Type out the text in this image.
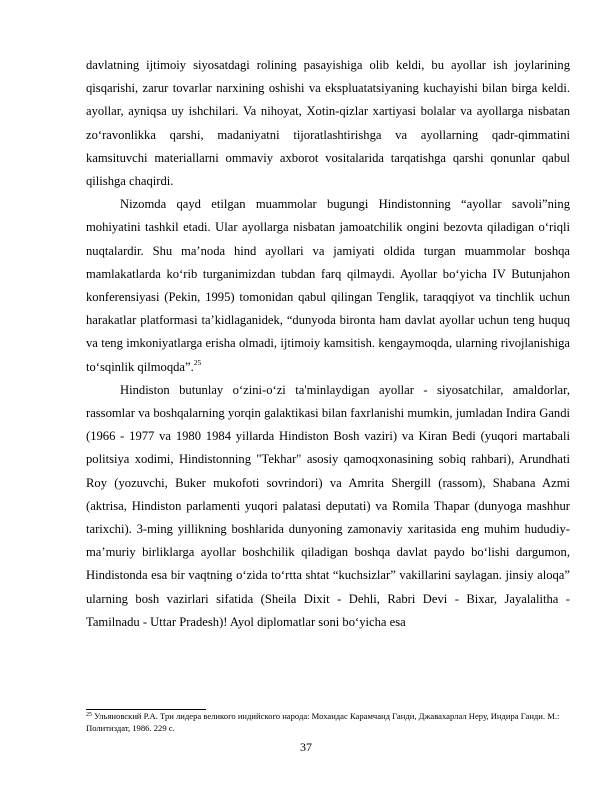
davlatning ijtimoiy siyosatdagi rolining pasayishiga olib keldi, bu ayollar ish joylarining qisqarishi, zarur tovarlar narxining oshishi va ekspluatatsiyaning kuchayishi bilan birga keldi. ayollar, ayniqsa uy ishchilari. Va nihoyat, Xotin-qizlar xartiyasi bolalar va ayollarga nisbatan zo‘ravonlikka qarshi, madaniyatni tijoratlashtirishga va ayollarning qadr-qimmatini kamsituvchi materiallarni ommaviy axborot vositalarida tarqatishga qarshi qonunlar qabul qilishga chaqirdi.

Nizomda qayd etilgan muammolar bugungi Hindistonning “ayollar savoli”ning mohiyatini tashkil etadi. Ular ayollarga nisbatan jamoatchilik ongini bezovta qiladigan o‘riqli nuqtalardir. Shu ma’noda hind ayollari va jamiyati oldida turgan muammolar boshqa mamlakatlarda ko‘rib turganimizdan tubdan farq qilmaydi. Ayollar bo‘yicha IV Butunjahon konferensiyasi (Pekin, 1995) tomonidan qabul qilingan Tenglik, taraqqiyot va tinchlik uchun harakatlar platformasi ta’kidlaganidek, “dunyoda bironta ham davlat ayollar uchun teng huquq va teng imkoniyatlarga erisha olmadi, ijtimoiy kamsitish. kengaymoqda, ularning rivojlanishiga to‘sqinlik qilmoqda”.$^{25}$

Hindiston butunlay o‘zini-o‘zi ta'minlaydigan ayollar - siyosatchilar, amaldorlar, rassomlar va boshqalarning yorqin galaktikasi bilan faxrlanishi mumkin, jumladan Indira Gandi (1966 - 1977 va 1980 1984 yillarda Hindiston Bosh vaziri) va Kiran Bedi (yuqori martabali politsiya xodimi, Hindistonning "Tekhar" asosiy qamoqxonasining sobiq rahbari), Arundhati Roy (yozuvchi, Buker mukofoti sovrindori) va Amrita Shergill (rassom), Shabana Azmi (aktrisa, Hindiston parlamenti yuqori palatasi deputati) va Romila Thapar (dunyoga mashhur tarixchi). 3-ming yillikning boshlarida dunyoning zamonaviy xaritasida eng muhim hududiy-maʼmuriy birliklarga ayollar boshchilik qiladigan boshqa davlat paydo bo‘lishi dargumon, Hindistonda esa bir vaqtning oʻzida toʻrtta shtat “kuchsizlar” vakillarini saylagan. jinsiy aloqa” ularning bosh vazirlari sifatida (Sheila Dixit - Dehli, Rabri Devi - Bixar, Jayalalitha - Tamilnadu - Uttar Pradesh)! Ayol diplomatlar soni bo‘yicha esa

$^{25}$ Ульяновский Р.А. Три лидера великого индийского народа: Мохандас Карамчанд Ганди, Джавахарлал Неру, Индира Ганди. М.: Политиздат, 1986. 229 с.

37
